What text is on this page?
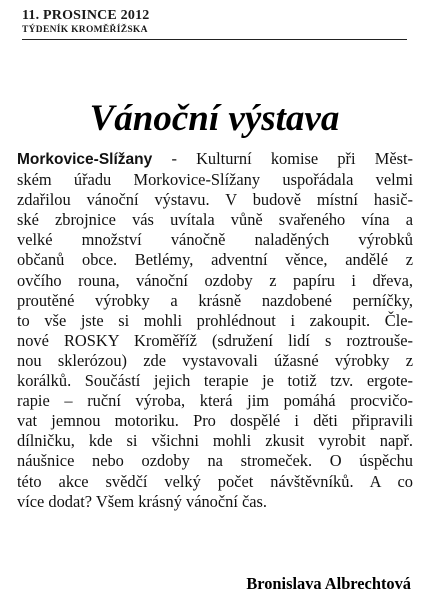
11. PROSINCE 2012
TÝDENÍK KROMĚŘÍŽSKA
Vánoční výstava
Morkovice-Slížany - Kulturní komise při Měst-
ském úřadu Morkovice-Slížany uspořádala velmi
zdařilou vánoční výstavu. V budově místní hasič-
ské zbrojnice vás uvítala vůně svařeného vína a
velké množství vánočně naladěných výrobků
občanů obce. Betlémy, adventní věnce, andělé z
ovčího rouna, vánoční ozdoby z papíru i dřeva,
proutěné výrobky a krásně nazdobené perníčky,
to vše jste si mohli prohlédnout i zakoupit. Čle-
nové ROSKY Kroměříž (sdružení lidí s roztrouše-
nou sklerózou) zde vystavovali úžasné výrobky z
korálků. Součástí jejich terapie je totiž tzv. ergote-
rapie – ruční výroba, která jim pomáhá procvičo-
vat jemnou motoriku. Pro dospělé i děti připravili
dílničku, kde si všichni mohli zkusit vyrobit např.
náušnice nebo ozdoby na stromeček. O úspěchu
této akce svědčí velký počet návštěvníků. A co
více dodat? Všem krásný vánoční čas.
Bronislava Albrechtová
